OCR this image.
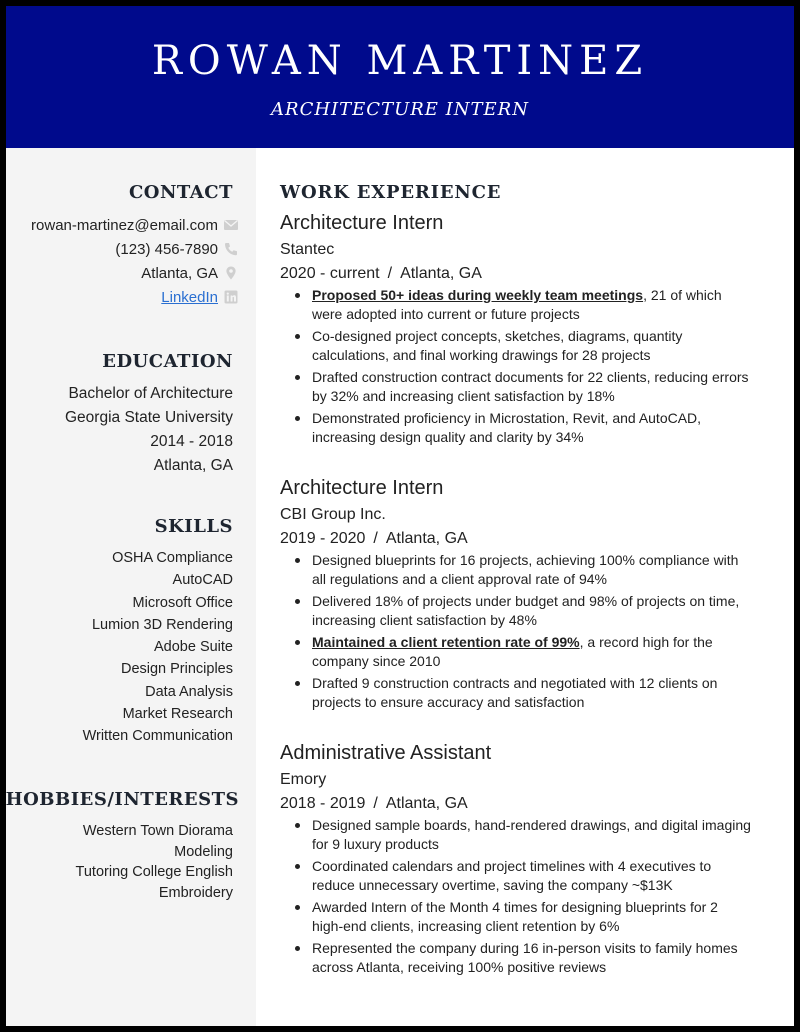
ROWAN MARTINEZ
ARCHITECTURE INTERN
CONTACT
rowan-martinez@email.com
(123) 456-7890
Atlanta, GA
LinkedIn
EDUCATION
Bachelor of Architecture
Georgia State University
2014 - 2018
Atlanta, GA
SKILLS
OSHA Compliance
AutoCAD
Microsoft Office
Lumion 3D Rendering
Adobe Suite
Design Principles
Data Analysis
Market Research
Written Communication
HOBBIES/INTERESTS
Western Town Diorama
Modeling
Tutoring College English
Embroidery
WORK EXPERIENCE
Architecture Intern
Stantec
2020 - current / Atlanta, GA
Proposed 50+ ideas during weekly team meetings, 21 of which were adopted into current or future projects
Co-designed project concepts, sketches, diagrams, quantity calculations, and final working drawings for 28 projects
Drafted construction contract documents for 22 clients, reducing errors by 32% and increasing client satisfaction by 18%
Demonstrated proficiency in Microstation, Revit, and AutoCAD, increasing design quality and clarity by 34%
Architecture Intern
CBI Group Inc.
2019 - 2020 / Atlanta, GA
Designed blueprints for 16 projects, achieving 100% compliance with all regulations and a client approval rate of 94%
Delivered 18% of projects under budget and 98% of projects on time, increasing client satisfaction by 48%
Maintained a client retention rate of 99%, a record high for the company since 2010
Drafted 9 construction contracts and negotiated with 12 clients on projects to ensure accuracy and satisfaction
Administrative Assistant
Emory
2018 - 2019 / Atlanta, GA
Designed sample boards, hand-rendered drawings, and digital imaging for 9 luxury products
Coordinated calendars and project timelines with 4 executives to reduce unnecessary overtime, saving the company ~$13K
Awarded Intern of the Month 4 times for designing blueprints for 2 high-end clients, increasing client retention by 6%
Represented the company during 16 in-person visits to family homes across Atlanta, receiving 100% positive reviews
